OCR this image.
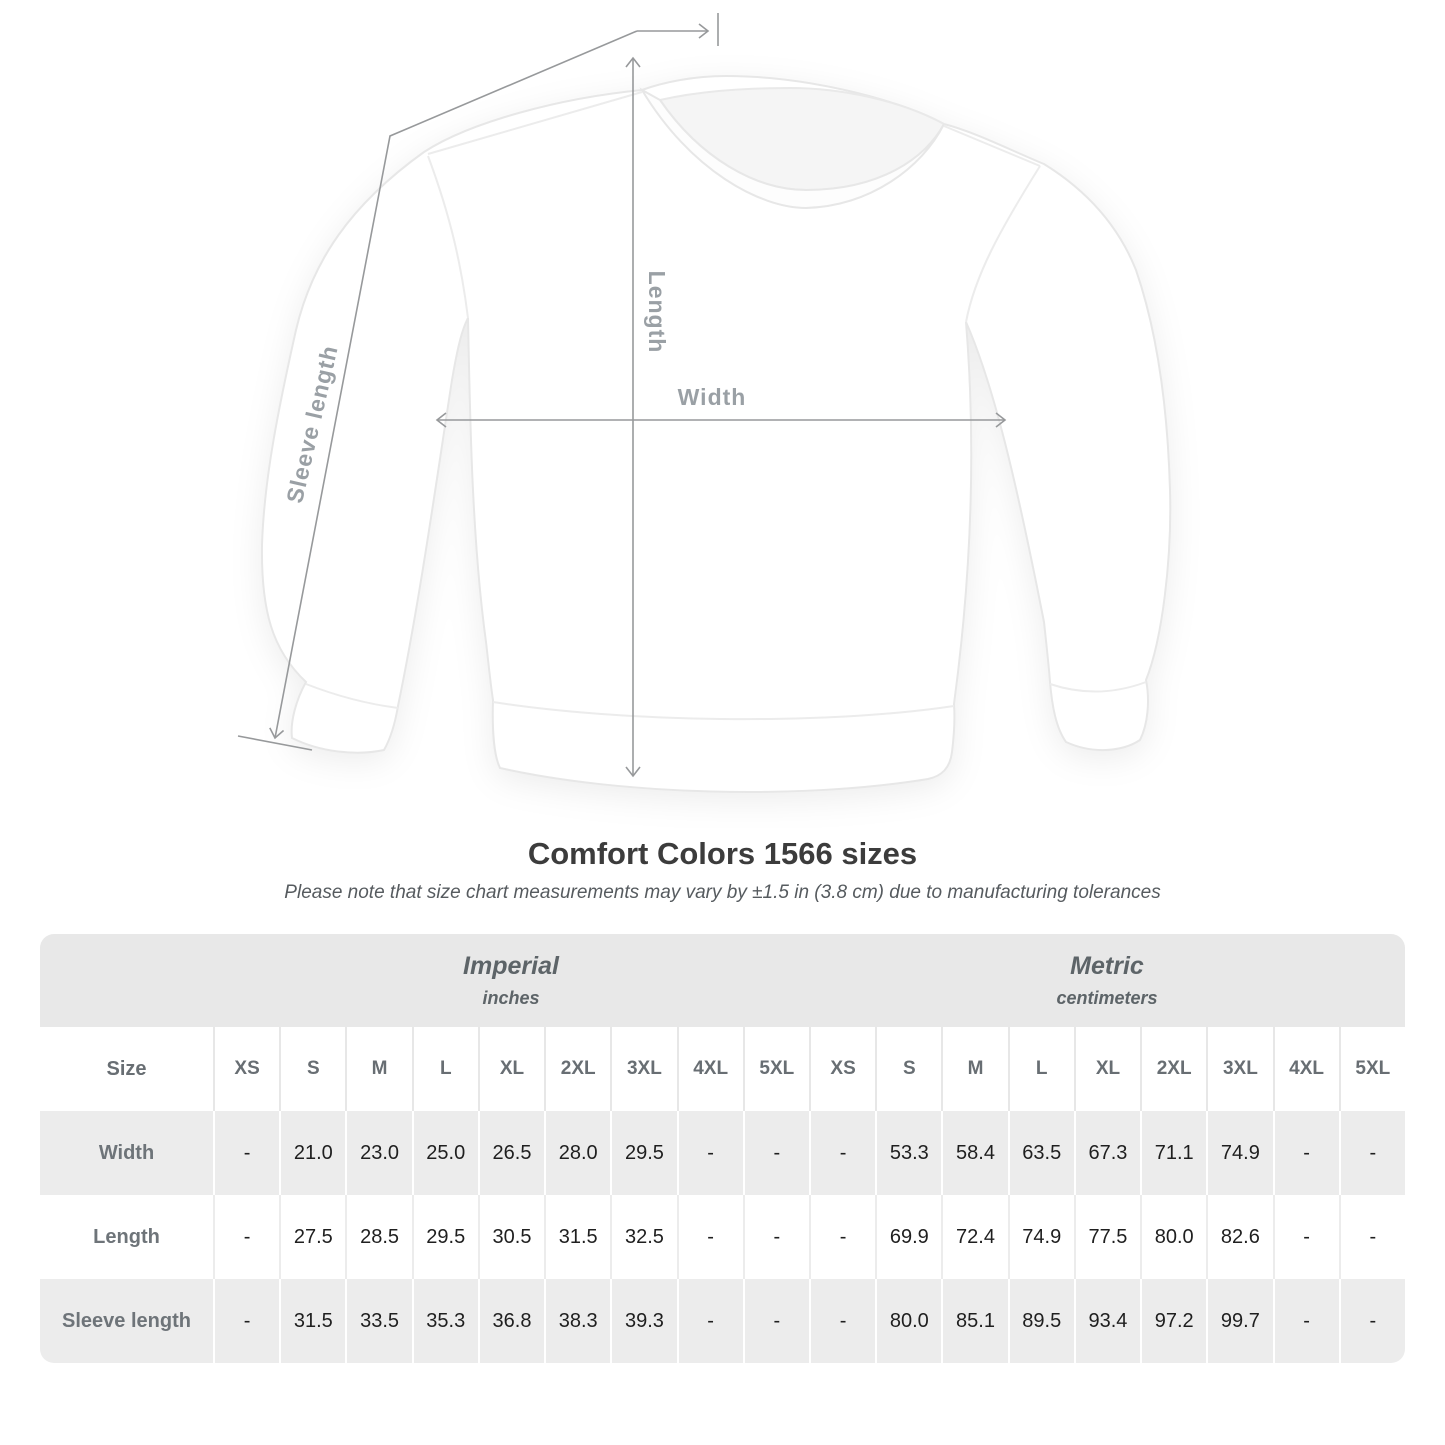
Width
Length
Sleeve length
Comfort Colors 1566 sizes
Please note that size chart measurements may vary by ±1.5 in (3.8 cm) due to manufacturing tolerances

Imperial
inches

Metric
centimeters

Size	XS	S	M	L	XL	2XL	3XL	4XL	5XL	XS	S	M	L	XL	2XL	3XL	4XL	5XL
Width	-	21.0	23.0	25.0	26.5	28.0	29.5	-	-	-	53.3	58.4	63.5	67.3	71.1	74.9	-	-
Length	-	27.5	28.5	29.5	30.5	31.5	32.5	-	-	-	69.9	72.4	74.9	77.5	80.0	82.6	-	-
Sleeve length	-	31.5	33.5	35.3	36.8	38.3	39.3	-	-	-	80.0	85.1	89.5	93.4	97.2	99.7	-	-
